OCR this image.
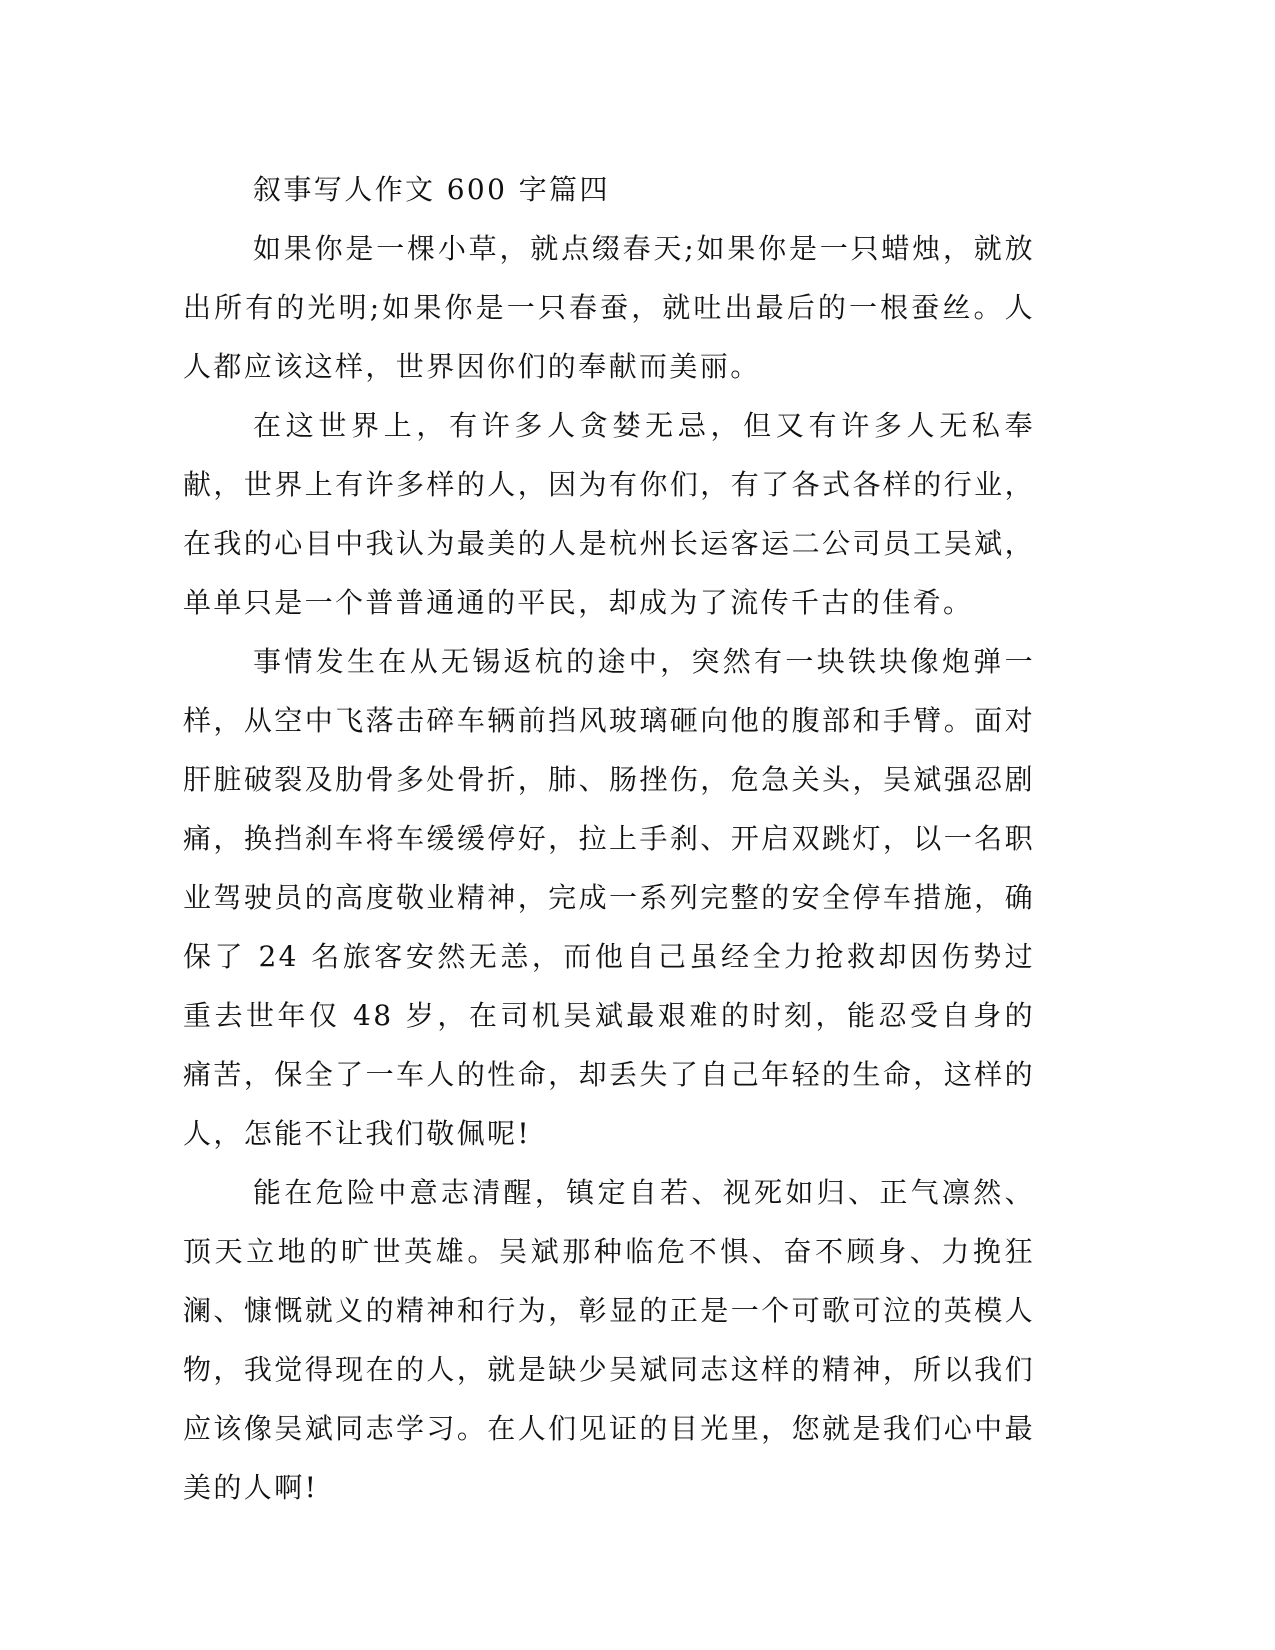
叙事写人作文 600 字篇四

如果你是一棵小草，就点缀春天;如果你是一只蜡烛，就放出所有的光明;如果你是一只春蚕，就吐出最后的一根蚕丝。人人都应该这样，世界因你们的奉献而美丽。

在这世界上，有许多人贪婪无忌，但又有许多人无私奉献，世界上有许多样的人，因为有你们，有了各式各样的行业，在我的心目中我认为最美的人是杭州长运客运二公司员工吴斌，单单只是一个普普通通的平民，却成为了流传千古的佳肴。

事情发生在从无锡返杭的途中，突然有一块铁块像炮弹一样，从空中飞落击碎车辆前挡风玻璃砸向他的腹部和手臂。面对肝脏破裂及肋骨多处骨折，肺、肠挫伤，危急关头，吴斌强忍剧痛，换挡刹车将车缓缓停好，拉上手刹、开启双跳灯，以一名职业驾驶员的高度敬业精神，完成一系列完整的安全停车措施，确保了 24 名旅客安然无恙，而他自己虽经全力抢救却因伤势过重去世年仅 48 岁，在司机吴斌最艰难的时刻，能忍受自身的痛苦，保全了一车人的性命，却丢失了自己年轻的生命，这样的人，怎能不让我们敬佩呢!

能在危险中意志清醒，镇定自若、视死如归、正气凛然、顶天立地的旷世英雄。吴斌那种临危不惧、奋不顾身、力挽狂澜、慷慨就义的精神和行为，彰显的正是一个可歌可泣的英模人物，我觉得现在的人，就是缺少吴斌同志这样的精神，所以我们应该像吴斌同志学习。在人们见证的目光里，您就是我们心中最美的人啊!
